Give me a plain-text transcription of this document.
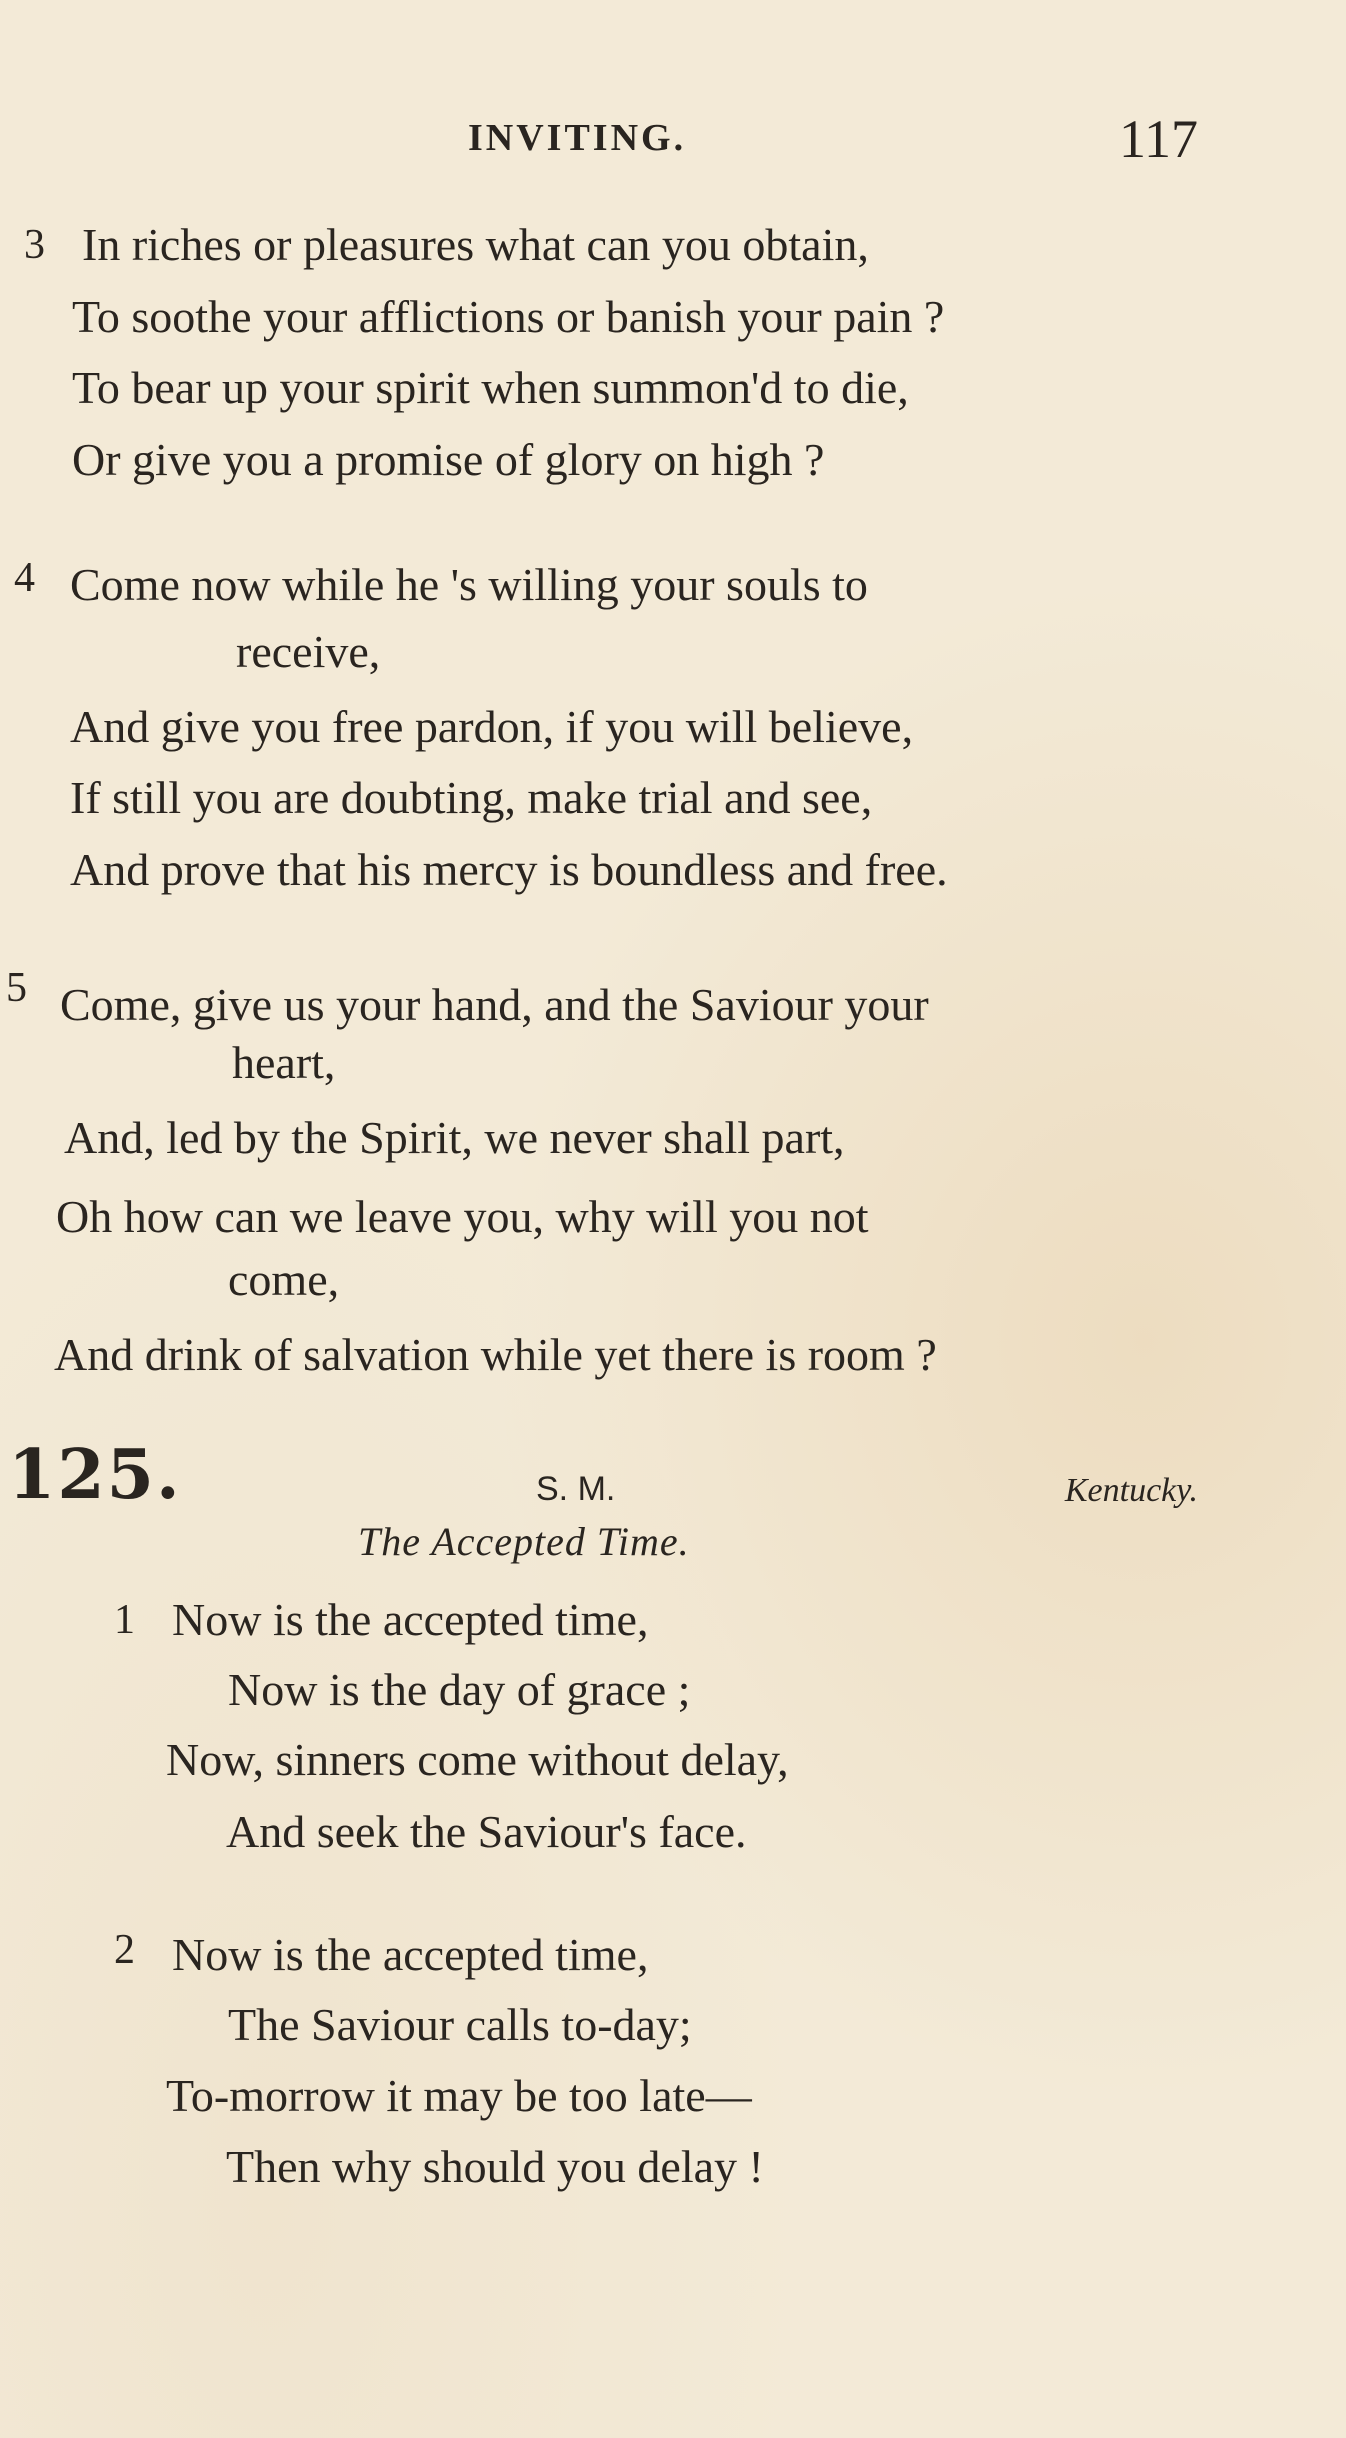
INVITING.	117
3 In riches or pleasures what can you obtain,
To soothe your afflictions or banish your pain ?
To bear up your spirit when summon'd to die,
Or give you a promise of glory on high ?
4 Come now while he 's willing your souls to
receive,
And give you free pardon, if you will believe,
If still you are doubting, make trial and see,
And prove that his mercy is boundless and free.
5 Come, give us your hand, and the Saviour your
heart,
And, led by the Spirit, we never shall part,
Oh how can we leave you, why will you not
come,
And drink of salvation while yet there is room ?
125.	S. M.	Kentucky.
The Accepted Time.
1 Now is the accepted time,
Now is the day of grace ;
Now, sinners come without delay,
And seek the Saviour's face.
2 Now is the accepted time,
The Saviour calls to-day;
To-morrow it may be too late—
Then why should you delay !
